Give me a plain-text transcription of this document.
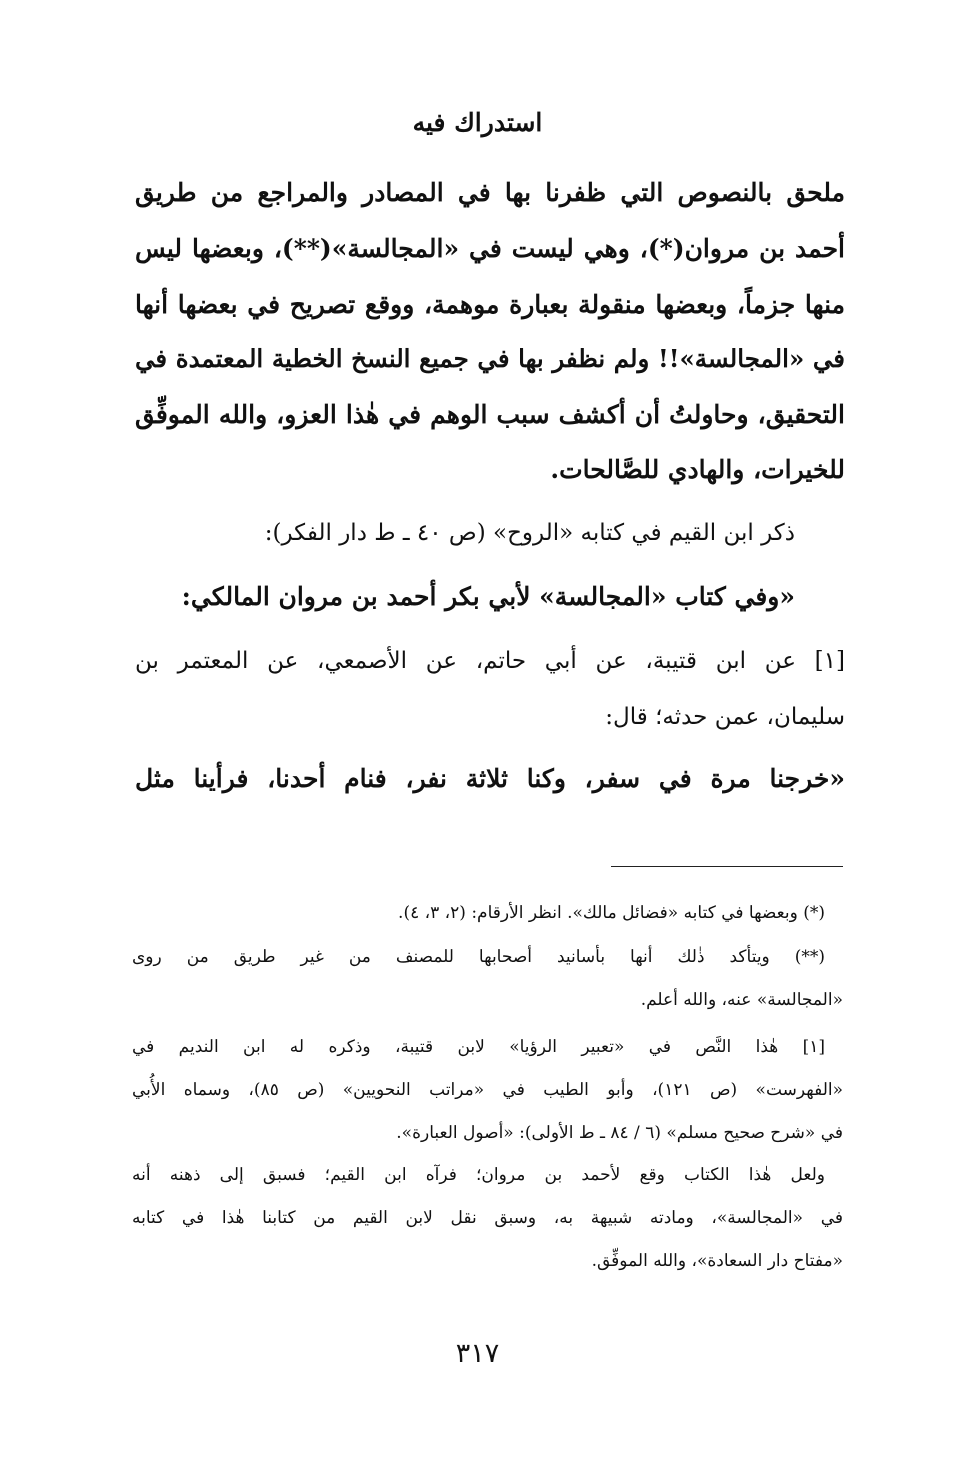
استدراك فيه

ملحق بالنصوص التي ظفرنا بها في المصادر والمراجع من طريق

أحمد بن مروان(*)، وهي ليست في «المجالسة»(**)، وبعضها ليس

منها جزماً، وبعضها منقولة بعبارة موهمة، ووقع تصريح في بعضها أنها

في «المجالسة»!! ولم نظفر بها في جميع النسخ الخطية المعتمدة في

التحقيق، وحاولتُ أن أكشف سبب الوهم في هٰذا العزو، والله الموفِّق

للخيرات، والهادي للصَّالحات.

ذكر ابن القيم في كتابه «الروح» (ص ٤٠ ـ ط دار الفكر):

«وفي كتاب «المجالسة» لأبي بكر أحمد بن مروان المالكي:

[١] عن ابن قتيبة، عن أبي حاتم، عن الأصمعي، عن المعتمر بن

سليمان، عمن حدثه؛ قال:

«خرجنا مرة في سفر، وكنا ثلاثة نفر، فنام أحدنا، فرأينا مثل

(*) وبعضها في كتابه «فضائل مالك». انظر الأرقام: (٢، ٣، ٤).

(**) ويتأكد ذٰلك أنها بأسانيد أصحابها للمصنف من غير طريق من روى

«المجالسة» عنه، والله أعلم.

[١] هٰذا النَّص في «تعبير الرؤيا» لابن قتيبة، وذكره له ابن النديم في

«الفهرست» (ص ١٢١)، وأبو الطيب في «مراتب النحويين» (ص ٨٥)، وسماه الأُبي

في «شرح صحيح مسلم» (٦ / ٨٤ ـ ط الأولى): «أصول العبارة».

ولعل هٰذا الكتاب وقع لأحمد بن مروان؛ فرآه ابن القيم؛ فسبق إلى ذهنه أنه

في «المجالسة»، ومادته شبيهة به، وسبق نقل لابن القيم من كتابنا هٰذا في كتابه

«مفتاح دار السعادة»، والله الموفِّق.

٣١٧
